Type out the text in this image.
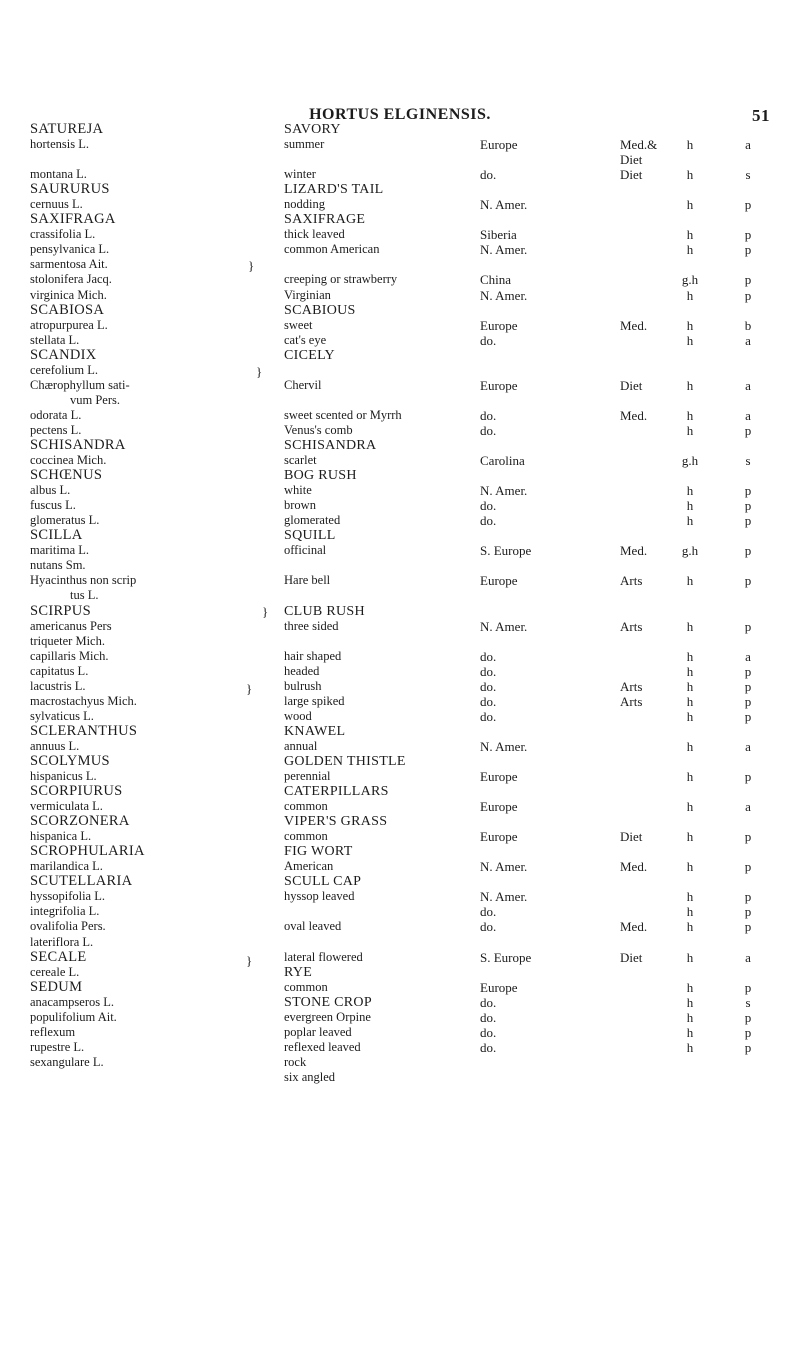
HORTUS ELGINENSIS.	51
SATUREJA
hortensis L.
montana L.
SAURURUS
cernuus L.
SAXIFRAGA
crassifolia L.
pensylvanica L.
sarmentosa Ait.
stolonifera Jacq.
virginica Mich.
SCABIOSA
atropurpurea L.
stellata L.
SCANDIX
cerefolium L.
Chærophyllum sati-
vum Pers.
odorata L.
pectens L.
SCHISANDRA
coccinea Mich.
SCHŒNUS
albus L.
fuscus L.
glomeratus L.
SCILLA
maritima L.
nutans Sm.
Hyacinthus non scrip
tus L.
SCIRPUS
americanus Pers
triqueter Mich.
capillaris Mich.
capitatus L.
lacustris L.
macrostachyus Mich.
sylvaticus L.
SCLERANTHUS
annuus L.
SCOLYMUS
hispanicus L.
SCORPIURUS
vermiculata L.
SCORZONERA
hispanica L.
SCROPHULARIA
marilandica L.
SCUTELLARIA
hyssopifolia L.
integrifolia L.
ovalifolia Pers.
lateriflora L.
SECALE
cereale L.
SEDUM
anacampseros L.
populifolium Ait.
reflexum
rupestre L.
sexangulare L.
SAVORY
summer
winter
LIZARD'S TAIL
nodding
SAXIFRAGE
thick leaved
common American
creeping or strawberry
Virginian
SCABIOUS
sweet
cat's eye
CICELY
Chervil
sweet scented or Myrrh
Venus's comb
SCHISANDRA
scarlet
BOG RUSH
white
brown
glomerated
SQUILL
officinal
Hare bell
CLUB RUSH
three sided
hair shaped
headed
bulrush
large spiked
wood
KNAWEL
annual
GOLDEN THISTLE
perennial
CATERPILLARS
common
VIPER'S GRASS
common
FIG WORT
American
SCULL CAP
hyssop leaved
oval leaved
lateral flowered
RYE
common
STONE CROP
evergreen Orpine
poplar leaved
reflexed leaved
rock
six angled
Europe
do.
N. Amer.
Siberia
N. Amer.
China
N. Amer.
Europe
do.
Europe
do.
do.
Carolina
N. Amer.
do.
do.
S. Europe
Europe
N. Amer.
do.
do.
do.
do.
do.
N. Amer.
Europe
Europe
Europe
N. Amer.
N. Amer.
do.
do.
S. Europe
Europe
do.
do.
do.
do.
Med.&
Diet
Diet
Med.
Diet
Med.
Med.
Arts
Arts
Arts
Arts
Diet
Med.
Med.
Diet
h
h
h
h
h
g.h
h
h
h
h
h
h
g.h
h
h
h
g.h
h
h
h
h
h
h
h
h
h
h
h
h
h
h
h
h
h
h
h
h
h
a
s
p
p
p
p
p
b
a
a
a
p
s
p
p
p
p
p
p
a
p
p
p
p
a
p
a
p
p
p
p
p
a
p
s
p
p
p
}
}
}
}
}
